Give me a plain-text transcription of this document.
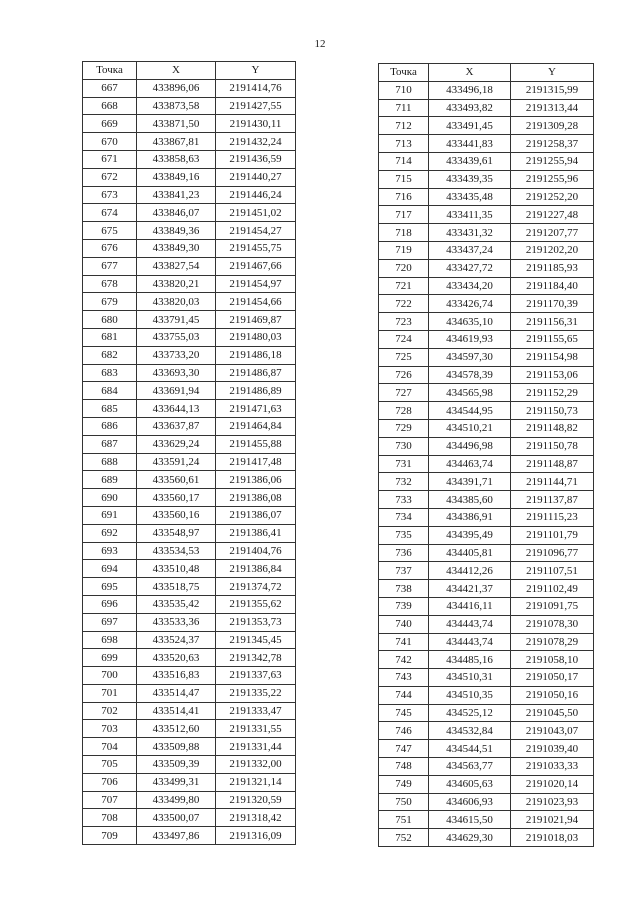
12
Точка	X	Y
667	433896,06	2191414,76
668	433873,58	2191427,55
669	433871,50	2191430,11
670	433867,81	2191432,24
671	433858,63	2191436,59
672	433849,16	2191440,27
673	433841,23	2191446,24
674	433846,07	2191451,02
675	433849,36	2191454,27
676	433849,30	2191455,75
677	433827,54	2191467,66
678	433820,21	2191454,97
679	433820,03	2191454,66
680	433791,45	2191469,87
681	433755,03	2191480,03
682	433733,20	2191486,18
683	433693,30	2191486,87
684	433691,94	2191486,89
685	433644,13	2191471,63
686	433637,87	2191464,84
687	433629,24	2191455,88
688	433591,24	2191417,48
689	433560,61	2191386,06
690	433560,17	2191386,08
691	433560,16	2191386,07
692	433548,97	2191386,41
693	433534,53	2191404,76
694	433510,48	2191386,84
695	433518,75	2191374,72
696	433535,42	2191355,62
697	433533,36	2191353,73
698	433524,37	2191345,45
699	433520,63	2191342,78
700	433516,83	2191337,63
701	433514,47	2191335,22
702	433514,41	2191333,47
703	433512,60	2191331,55
704	433509,88	2191331,44
705	433509,39	2191332,00
706	433499,31	2191321,14
707	433499,80	2191320,59
708	433500,07	2191318,42
709	433497,86	2191316,09
Точка	X	Y
710	433496,18	2191315,99
711	433493,82	2191313,44
712	433491,45	2191309,28
713	433441,83	2191258,37
714	433439,61	2191255,94
715	433439,35	2191255,96
716	433435,48	2191252,20
717	433411,35	2191227,48
718	433431,32	2191207,77
719	433437,24	2191202,20
720	433427,72	2191185,93
721	433434,20	2191184,40
722	433426,74	2191170,39
723	434635,10	2191156,31
724	434619,93	2191155,65
725	434597,30	2191154,98
726	434578,39	2191153,06
727	434565,98	2191152,29
728	434544,95	2191150,73
729	434510,21	2191148,82
730	434496,98	2191150,78
731	434463,74	2191148,87
732	434391,71	2191144,71
733	434385,60	2191137,87
734	434386,91	2191115,23
735	434395,49	2191101,79
736	434405,81	2191096,77
737	434412,26	2191107,51
738	434421,37	2191102,49
739	434416,11	2191091,75
740	434443,74	2191078,30
741	434443,74	2191078,29
742	434485,16	2191058,10
743	434510,31	2191050,17
744	434510,35	2191050,16
745	434525,12	2191045,50
746	434532,84	2191043,07
747	434544,51	2191039,40
748	434563,77	2191033,33
749	434605,63	2191020,14
750	434606,93	2191023,93
751	434615,50	2191021,94
752	434629,30	2191018,03
